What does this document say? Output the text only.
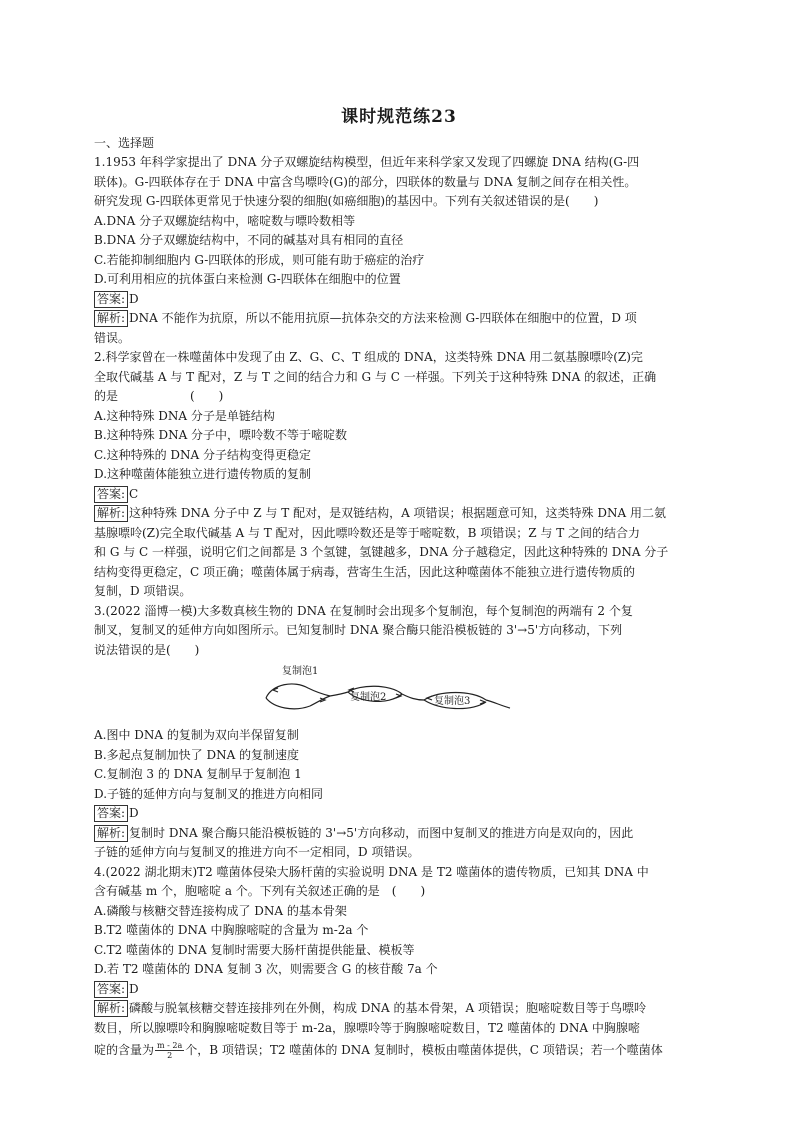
课时规范练23
一、选择题
1.1953 年科学家提出了 DNA 分子双螺旋结构模型，但近年来科学家又发现了四螺旋 DNA 结构(G-四
联体)。G-四联体存在于 DNA 中富含鸟嘌呤(G)的部分，四联体的数量与 DNA 复制之间存在相关性。
研究发现 G-四联体更常见于快速分裂的细胞(如癌细胞)的基因中。下列有关叙述错误的是(　　)
A.DNA 分子双螺旋结构中，嘧啶数与嘌呤数相等
B.DNA 分子双螺旋结构中，不同的碱基对具有相同的直径
C.若能抑制细胞内 G-四联体的形成，则可能有助于癌症的治疗
D.可利用相应的抗体蛋白来检测 G-四联体在细胞中的位置
答案: D
解析: DNA 不能作为抗原，所以不能用抗原—抗体杂交的方法来检测 G-四联体在细胞中的位置，D 项
错误。
2.科学家曾在一株噬菌体中发现了由 Z、G、C、T 组成的 DNA，这类特殊 DNA 用二氨基腺嘌呤(Z)完
全取代碱基 A 与 T 配对，Z 与 T 之间的结合力和 G 与 C 一样强。下列关于这种特殊 DNA 的叙述，正确
的是　　　　　　(　　)
A.这种特殊 DNA 分子是单链结构
B.这种特殊 DNA 分子中，嘌呤数不等于嘧啶数
C.这种特殊的 DNA 分子结构变得更稳定
D.这种噬菌体能独立进行遗传物质的复制
答案: C
解析: 这种特殊 DNA 分子中 Z 与 T 配对，是双链结构，A 项错误；根据题意可知，这类特殊 DNA 用二氨
基腺嘌呤(Z)完全取代碱基 A 与 T 配对，因此嘌呤数还是等于嘧啶数，B 项错误；Z 与 T 之间的结合力
和 G 与 C 一样强，说明它们之间都是 3 个氢键，氢键越多，DNA 分子越稳定，因此这种特殊的 DNA 分子
结构变得更稳定，C 项正确；噬菌体属于病毒，营寄生生活，因此这种噬菌体不能独立进行遗传物质的
复制，D 项错误。
3.(2022 淄博一模)大多数真核生物的 DNA 在复制时会出现多个复制泡，每个复制泡的两端有 2 个复
制叉，复制叉的延伸方向如图所示。已知复制时 DNA 聚合酶只能沿模板链的 3'→5'方向移动，下列
说法错误的是(　　)
复制泡1
复制泡2	复制泡3
A.图中 DNA 的复制为双向半保留复制
B.多起点复制加快了 DNA 的复制速度
C.复制泡 3 的 DNA 复制早于复制泡 1
D.子链的延伸方向与复制叉的推进方向相同
答案: D
解析: 复制时 DNA 聚合酶只能沿模板链的 3'→5'方向移动，而图中复制叉的推进方向是双向的，因此
子链的延伸方向与复制叉的推进方向不一定相同，D 项错误。
4.(2022 湖北期末)T2 噬菌体侵染大肠杆菌的实验说明 DNA 是 T2 噬菌体的遗传物质，已知其 DNA 中
含有碱基 m 个，胞嘧啶 a 个。下列有关叙述正确的是　(　　)
A.磷酸与核糖交替连接构成了 DNA 的基本骨架
B.T2 噬菌体的 DNA 中胸腺嘧啶的含量为 m-2a 个
C.T2 噬菌体的 DNA 复制时需要大肠杆菌提供能量、模板等
D.若 T2 噬菌体的 DNA 复制 3 次，则需要含 G 的核苷酸 7a 个
答案: D
解析: 磷酸与脱氧核糖交替连接排列在外侧，构成 DNA 的基本骨架，A 项错误；胞嘧啶数目等于鸟嘌呤
数目，所以腺嘌呤和胸腺嘧啶数目等于 m-2a，腺嘌呤等于胸腺嘧啶数目，T2 噬菌体的 DNA 中胸腺嘧
啶的含量为 $\frac{m - 2a}{2}$ 个，B 项错误；T2 噬菌体的 DNA 复制时，模板由噬菌体提供，C 项错误；若一个噬菌体
